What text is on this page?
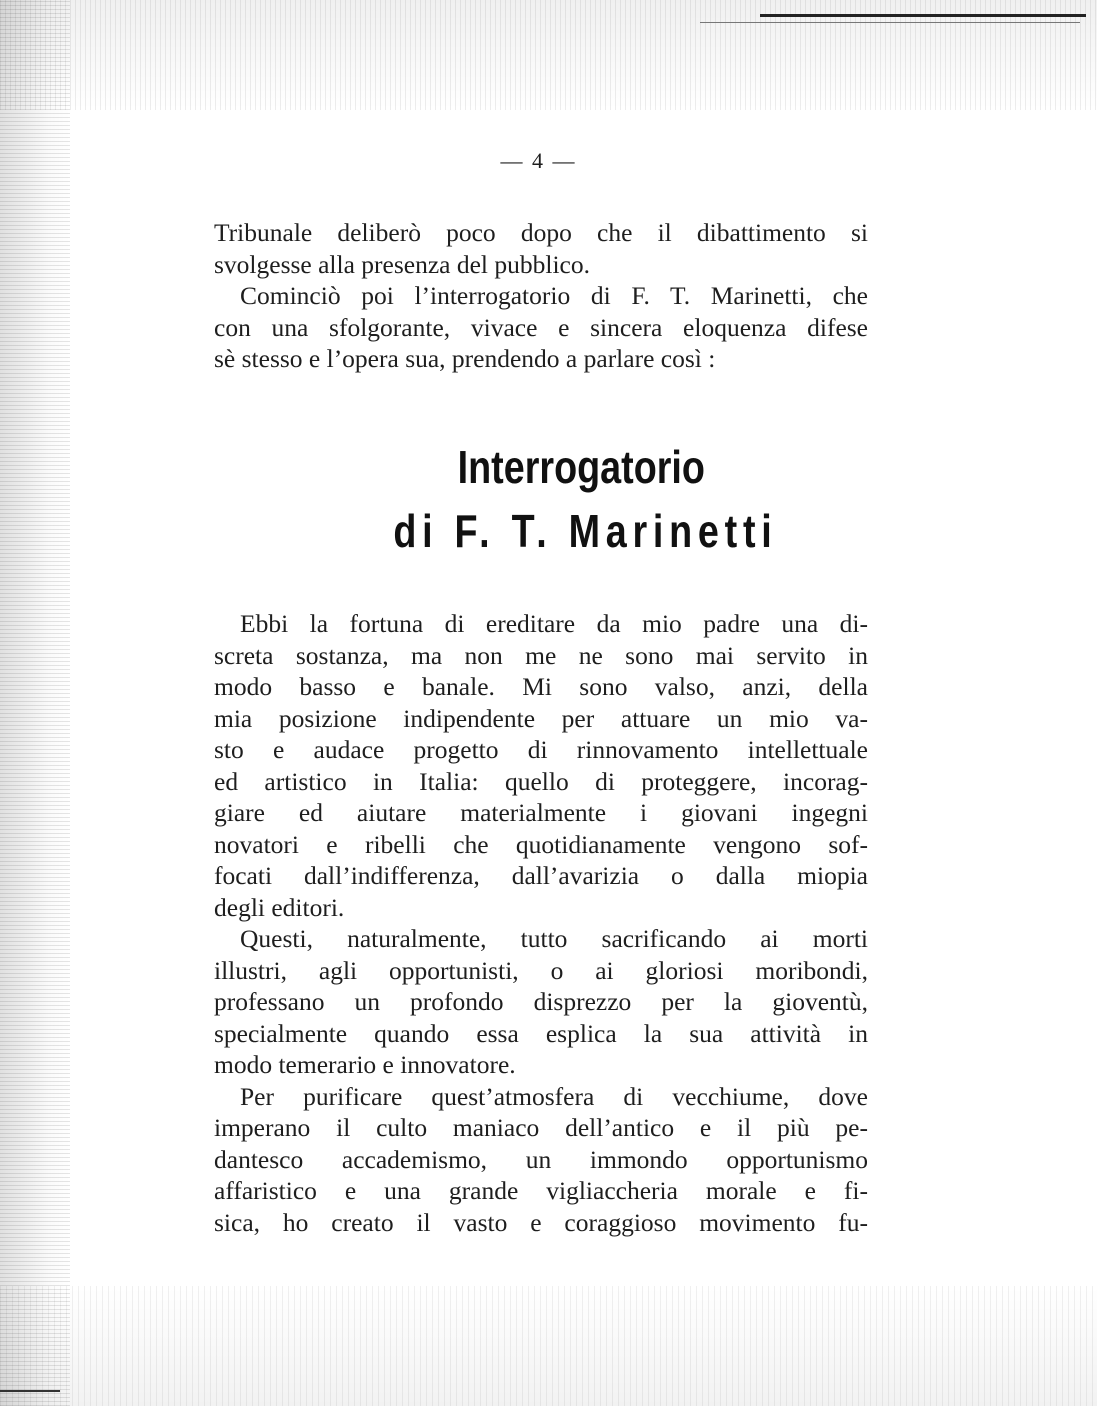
— 4 —
Tribunale deliberò poco dopo che il dibattimento si
svolgesse alla presenza del pubblico.
Cominciò poi l’interrogatorio di F. T. Marinetti, che
con una sfolgorante, vivace e sincera eloquenza difese
sè stesso e l’opera sua, prendendo a parlare così :
Interrogatorio
di F. T. Marinetti
Ebbi la fortuna di ereditare da mio padre una di-
screta sostanza, ma non me ne sono mai servito in
modo basso e banale. Mi sono valso, anzi, della
mia posizione indipendente per attuare un mio va-
sto e audace progetto di rinnovamento intellettuale
ed artistico in Italia: quello di proteggere, incorag-
giare ed aiutare materialmente i giovani ingegni
novatori e ribelli che quotidianamente vengono sof-
focati dall’indifferenza, dall’avarizia o dalla miopia
degli editori.
Questi, naturalmente, tutto sacrificando ai morti
illustri, agli opportunisti, o ai gloriosi moribondi,
professano un profondo disprezzo per la gioventù,
specialmente quando essa esplica la sua attività in
modo temerario e innovatore.
Per purificare quest’atmosfera di vecchiume, dove
imperano il culto maniaco dell’antico e il più pe-
dantesco accademismo, un immondo opportunismo
affaristico e una grande vigliaccheria morale e fi-
sica, ho creato il vasto e coraggioso movimento fu-
